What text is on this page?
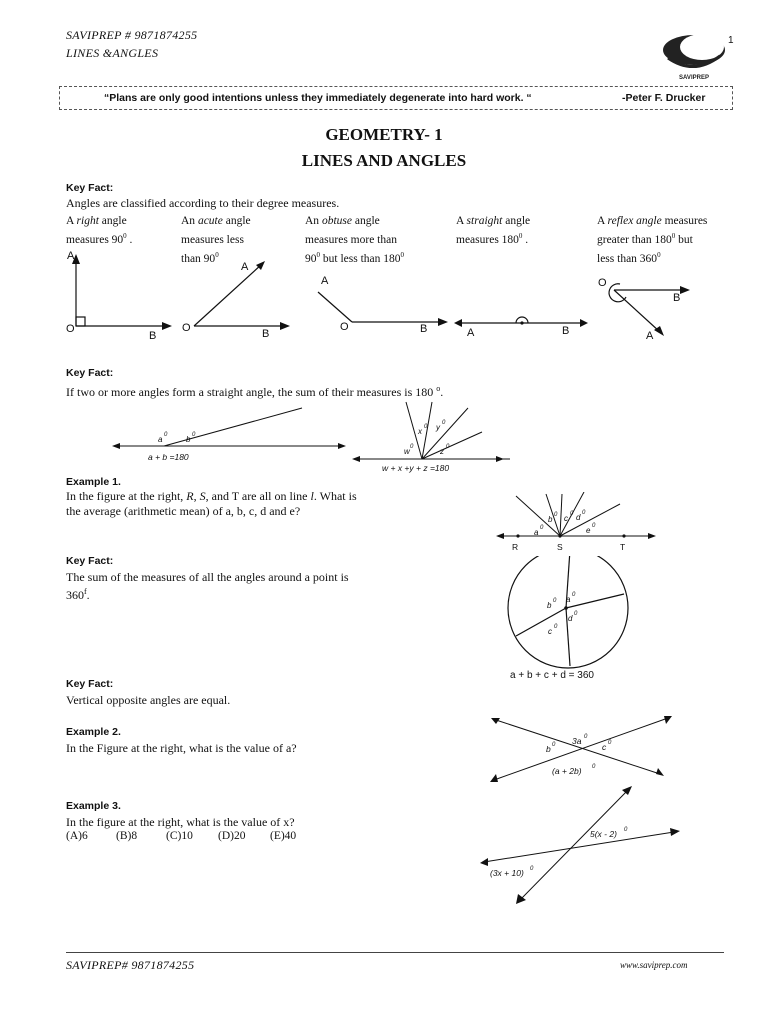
SAVIPREP # 9871874255
LINES &ANGLES
1
SAVIPREP
“Plans are only good intentions unless they immediately degenerate into hard work. “	-Peter F. Drucker
GEOMETRY- 1
LINES AND ANGLES
Key Fact:
Angles are classified according to their degree measures.
A right angle
measures $90^0$ .
An acute angle
measures less
than $90^0$
An obtuse angle
measures more than
$90^0$ but less than $180^0$
A straight angle
measures $180^0$ .
A reflex angle measures
greater than $180^0$ but
less than $360^0$
A
O
B
A
O	B
A
O	B	A	B
O
B
A
Key Fact:
If two or more angles form a straight angle, the sum of their measures is 180 $^o$.
a 0 b 0
a + b =180
w 0
x 0 y 0
z 0
w + x +y + z =180
Example 1.
In the figure at the right, R, S, and T are all on line l. What is
the average (arithmetic mean) of a, b, c, d and e?
a 0
b 0 c 0 d 0
e 0
R	S	T
Key Fact:
The sum of the measures of all the angles around a point is
360$^f$.	a 0
b 0
c 0
d 0
a + b + c + d = 360
Key Fact:
Vertical opposite angles are equal.
Example 2.
In the Figure at the right, what is the value of a?	3a 0
b 0	c 0
(a + 2b) 0
Example 3.
In the figure at the right, what is the value of x?
(A)6 (B)8	(C)10 (D)20 (E)40	5(x - 2) 0
(3x + 10) 0
SAVIPREP# 9871874255	www.saviprep.com
